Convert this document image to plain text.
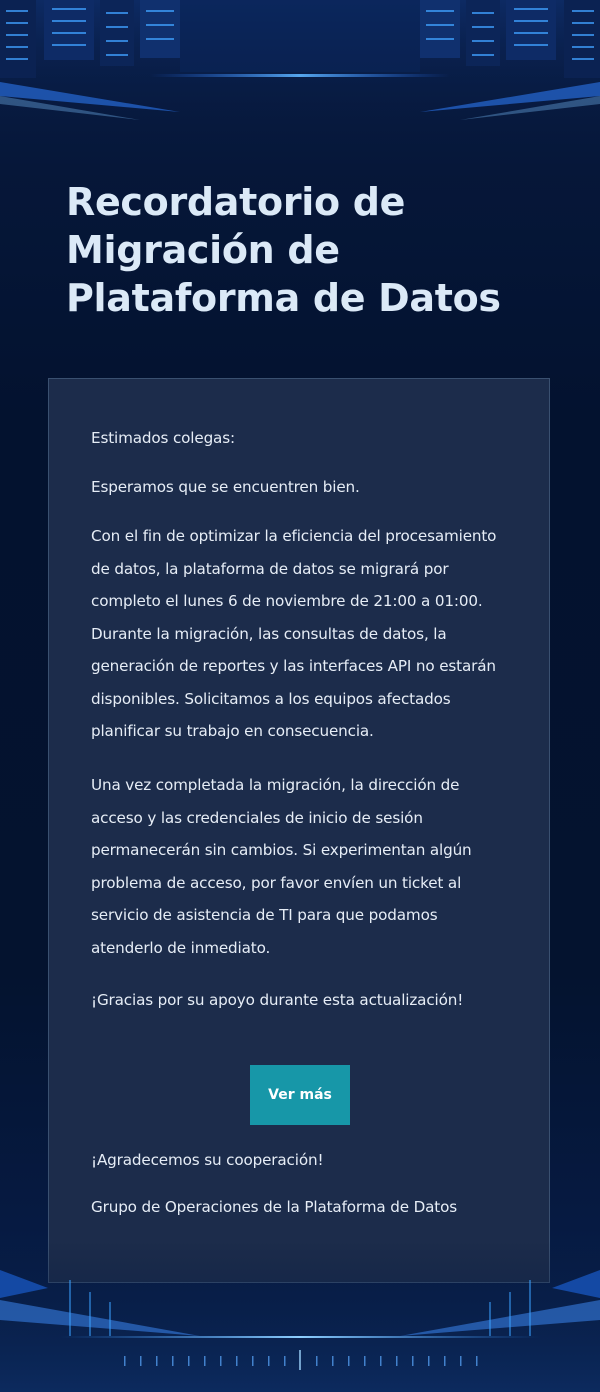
Recordatorio de Migración de Plataforma de Datos

Estimados colegas:

Esperamos que se encuentren bien.

Con el fin de optimizar la eficiencia del procesamiento de datos, la plataforma de datos se migrará por completo el lunes 6 de noviembre de 21:00 a 01:00. Durante la migración, las consultas de datos, la generación de reportes y las interfaces API no estarán disponibles. Solicitamos a los equipos afectados planificar su trabajo en consecuencia.

Una vez completada la migración, la dirección de acceso y las credenciales de inicio de sesión permanecerán sin cambios. Si experimentan algún problema de acceso, por favor envíen un ticket al servicio de asistencia de TI para que podamos atenderlo de inmediato.

¡Gracias por su apoyo durante esta actualización!

Ver más

¡Agradecemos su cooperación!

Grupo de Operaciones de la Plataforma de Datos
